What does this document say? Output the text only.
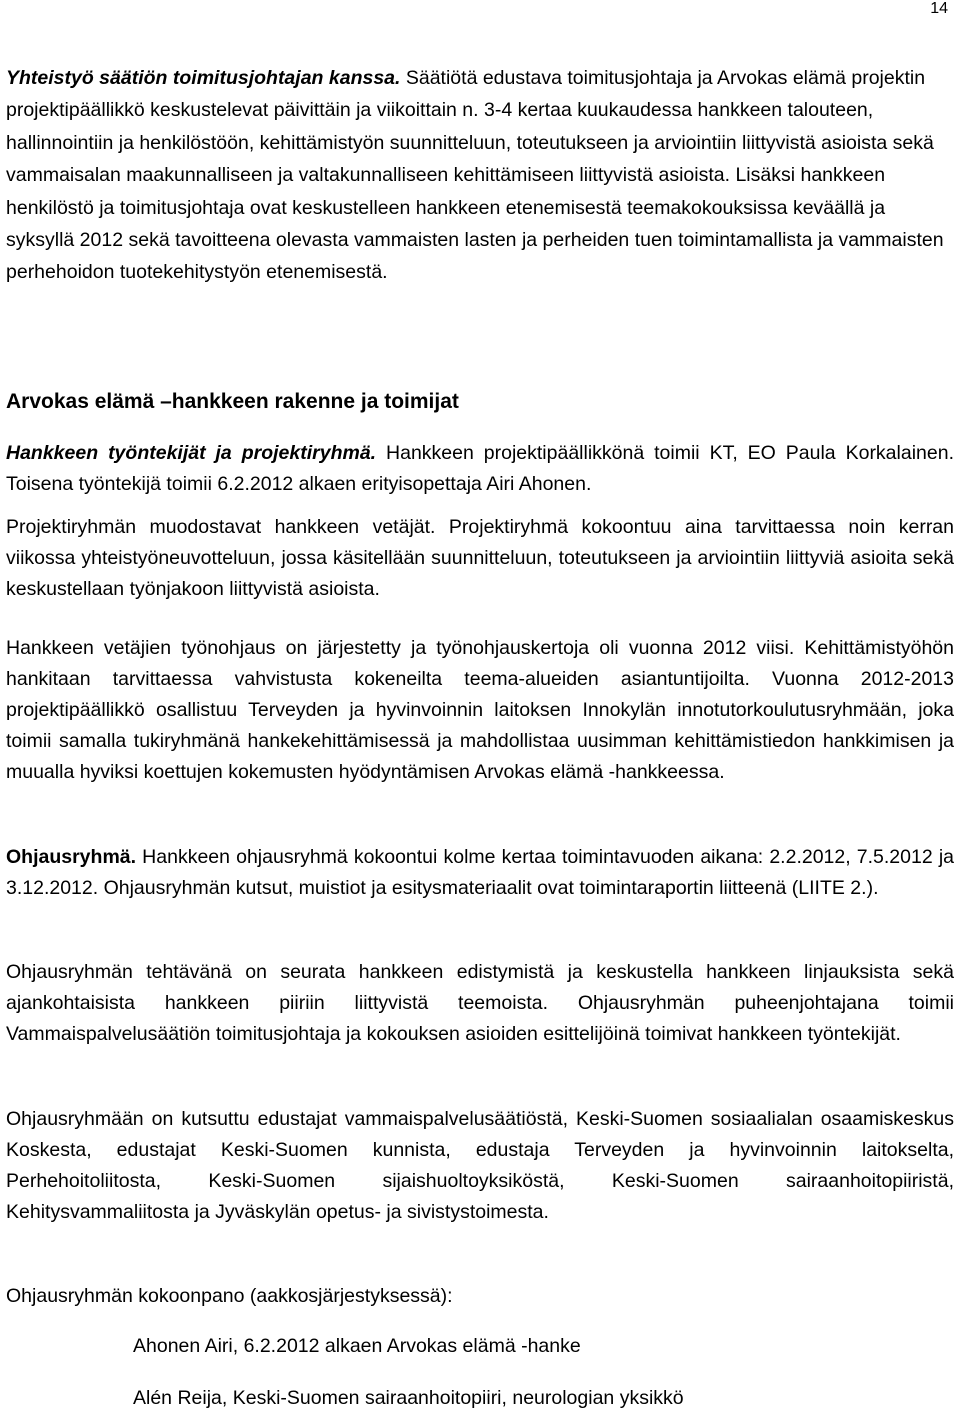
14

Yhteistyö säätiön toimitusjohtajan kanssa. Säätiötä edustava toimitusjohtaja ja Arvokas elämä projektin projektipäällikkö keskustelevat päivittäin ja viikoittain n. 3-4 kertaa kuukaudessa hankkeen talouteen, hallinnointiin ja henkilöstöön, kehittämistyön suunnitteluun, toteutukseen ja arviointiin liittyvistä asioista sekä vammaisalan maakunnalliseen ja valtakunnalliseen kehittämiseen liittyvistä asioista. Lisäksi hankkeen henkilöstö ja toimitusjohtaja ovat keskustelleen hankkeen etenemisestä teemakokouksissa keväällä ja syksyllä 2012 sekä tavoitteena olevasta vammaisten lasten ja perheiden tuen toimintamallista ja vammaisten perhehoidon tuotekehitystyön etenemisestä.

Arvokas elämä –hankkeen rakenne ja toimijat

Hankkeen työntekijät ja projektiryhmä. Hankkeen projektipäällikkönä toimii KT, EO Paula Korkalainen. Toisena työntekijä toimii 6.2.2012 alkaen erityisopettaja Airi Ahonen.

Projektiryhmän muodostavat hankkeen vetäjät. Projektiryhmä kokoontuu aina tarvittaessa noin kerran viikossa yhteistyöneuvotteluun, jossa käsitellään suunnitteluun, toteutukseen ja arviointiin liittyviä asioita sekä keskustellaan työnjakoon liittyvistä asioista.

Hankkeen vetäjien työnohjaus on järjestetty ja työnohjauskertoja oli vuonna 2012 viisi. Kehittämistyöhön hankitaan tarvittaessa vahvistusta kokeneilta teema-alueiden asiantuntijoilta. Vuonna 2012-2013 projektipäällikkö osallistuu Terveyden ja hyvinvoinnin laitoksen Innokylän innotutorkoulutusryhmään, joka toimii samalla tukiryhmänä hankekehittämisessä ja mahdollistaa uusimman kehittämistiedon hankkimisen ja muualla hyviksi koettujen kokemusten hyödyntämisen Arvokas elämä -hankkeessa.

Ohjausryhmä. Hankkeen ohjausryhmä kokoontui kolme kertaa toimintavuoden aikana: 2.2.2012, 7.5.2012 ja 3.12.2012. Ohjausryhmän kutsut, muistiot ja esitysmateriaalit ovat toimintaraportin liitteenä (LIITE 2.).

Ohjausryhmän tehtävänä on seurata hankkeen edistymistä ja keskustella hankkeen linjauksista sekä ajankohtaisista hankkeen piiriin liittyvistä teemoista. Ohjausryhmän puheenjohtajana toimii Vammaispalvelusäätiön toimitusjohtaja ja kokouksen asioiden esittelijöinä toimivat hankkeen työntekijät.

Ohjausryhmään on kutsuttu edustajat vammaispalvelusäätiöstä, Keski-Suomen sosiaalialan osaamiskeskus Koskesta, edustajat Keski-Suomen kunnista, edustaja Terveyden ja hyvinvoinnin laitokselta, Perhehoitoliitosta, Keski-Suomen sijaishuoltoyksiköstä, Keski-Suomen sairaanhoitopiiristä, Kehitysvammaliitosta ja Jyväskylän opetus- ja sivistystoimesta.

Ohjausryhmän kokoonpano (aakkosjärjestyksessä):

Ahonen Airi, 6.2.2012 alkaen Arvokas elämä -hanke

Alén Reija, Keski-Suomen sairaanhoitopiiri, neurologian yksikkö
